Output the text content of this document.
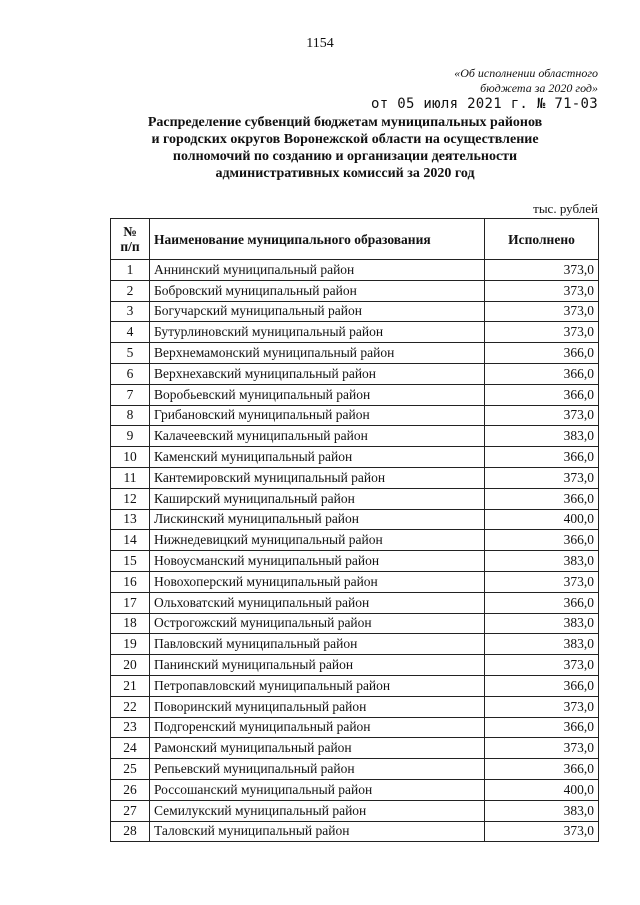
1154
«Об исполнении областного
бюджета за 2020 год»
от 05 июля 2021 г. № 71-03
Распределение субвенций бюджетам муниципальных районов
и городских округов Воронежской области на осуществление
полномочий по созданию и организации деятельности
административных комиссий за 2020 год
тыс. рублей
№
п/п	Наименование муниципального образования	Исполнено
1	Аннинский муниципальный район	373,0
2	Бобровский муниципальный район	373,0
3	Богучарский муниципальный район	373,0
4	Бутурлиновский муниципальный район	373,0
5	Верхнемамонский муниципальный район	366,0
6	Верхнехавский муниципальный район	366,0
7	Воробьевский муниципальный район	366,0
8	Грибановский муниципальный район	373,0
9	Калачеевский муниципальный район	383,0
10	Каменский муниципальный район	366,0
11	Кантемировский муниципальный район	373,0
12	Каширский муниципальный район	366,0
13	Лискинский муниципальный район	400,0
14	Нижнедевицкий муниципальный район	366,0
15	Новоусманский муниципальный район	383,0
16	Новохоперский муниципальный район	373,0
17	Ольховатский муниципальный район	366,0
18	Острогожский муниципальный район	383,0
19	Павловский муниципальный район	383,0
20	Панинский муниципальный район	373,0
21	Петропавловский муниципальный район	366,0
22	Поворинский муниципальный район	373,0
23	Подгоренский муниципальный район	366,0
24	Рамонский муниципальный район	373,0
25	Репьевский муниципальный район	366,0
26	Россошанский муниципальный район	400,0
27	Семилукский муниципальный район	383,0
28	Таловский муниципальный район	373,0
